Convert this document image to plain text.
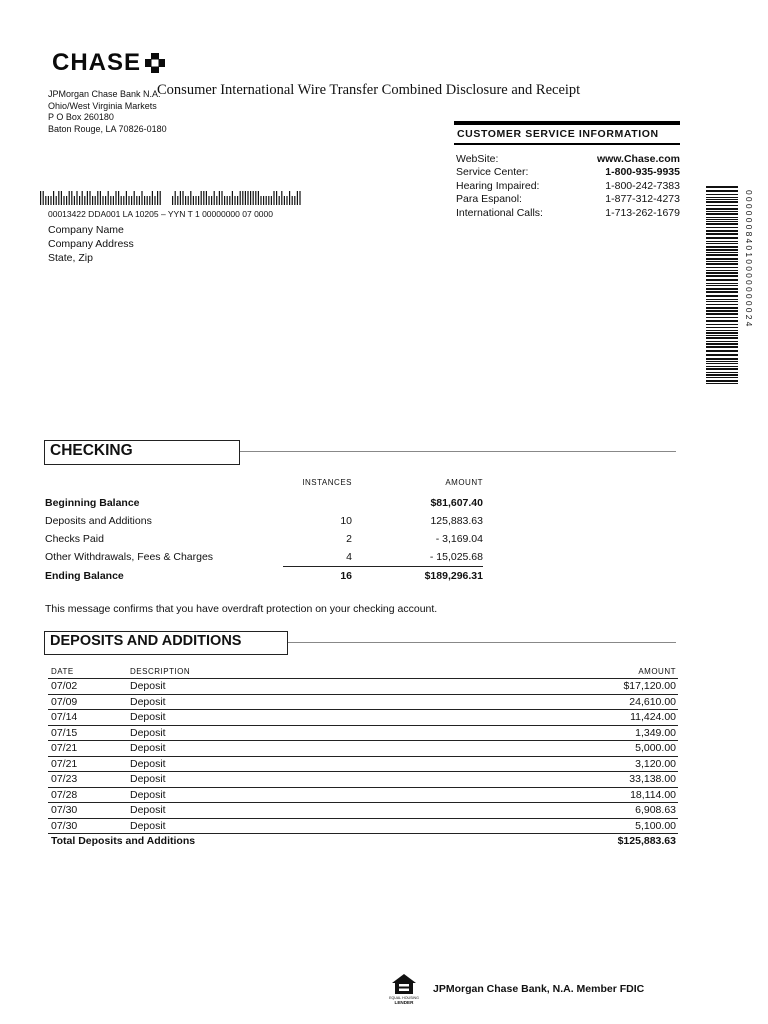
CHASE
JPMorgan Chase Bank N.A.
Ohio/West Virginia Markets
P O Box 260180
Baton Rouge, LA 70826-0180
Consumer International Wire Transfer Combined Disclosure and Receipt
CUSTOMER SERVICE INFORMATION
WebSite:	www.Chase.com
Service Center:	1-800-935-9935
Hearing Impaired:	1-800-242-7383
Para Espanol:	1-877-312-4273
International Calls:	1-713-262-1679
00013422 DDA001 LA 10205 – YYN T 1 00000000 07 0000
Company Name
Company Address
State, Zip	00000084010000000024
CHECKING
	INSTANCES	AMOUNT
Beginning Balance		$81,607.40
Deposits and Additions	10	125,883.63
Checks Paid	2	- 3,169.04
Other Withdrawals, Fees & Charges	4	- 15,025.68
Ending Balance	16	$189,296.31
This message confirms that you have overdraft protection on your checking account.
DEPOSITS AND ADDITIONS
DATE	DESCRIPTION	AMOUNT
07/02	Deposit	$17,120.00
07/09	Deposit	24,610.00
07/14	Deposit	11,424.00
07/15	Deposit	1,349.00
07/21	Deposit	5,000.00
07/21	Deposit	3,120.00
07/23	Deposit	33,138.00
07/28	Deposit	18,114.00
07/30	Deposit	6,908.63
07/30	Deposit	5,100.00
Total Deposits and Additions		$125,883.63
EQUAL HOUSING
LENDER
JPMorgan Chase Bank, N.A. Member FDIC
